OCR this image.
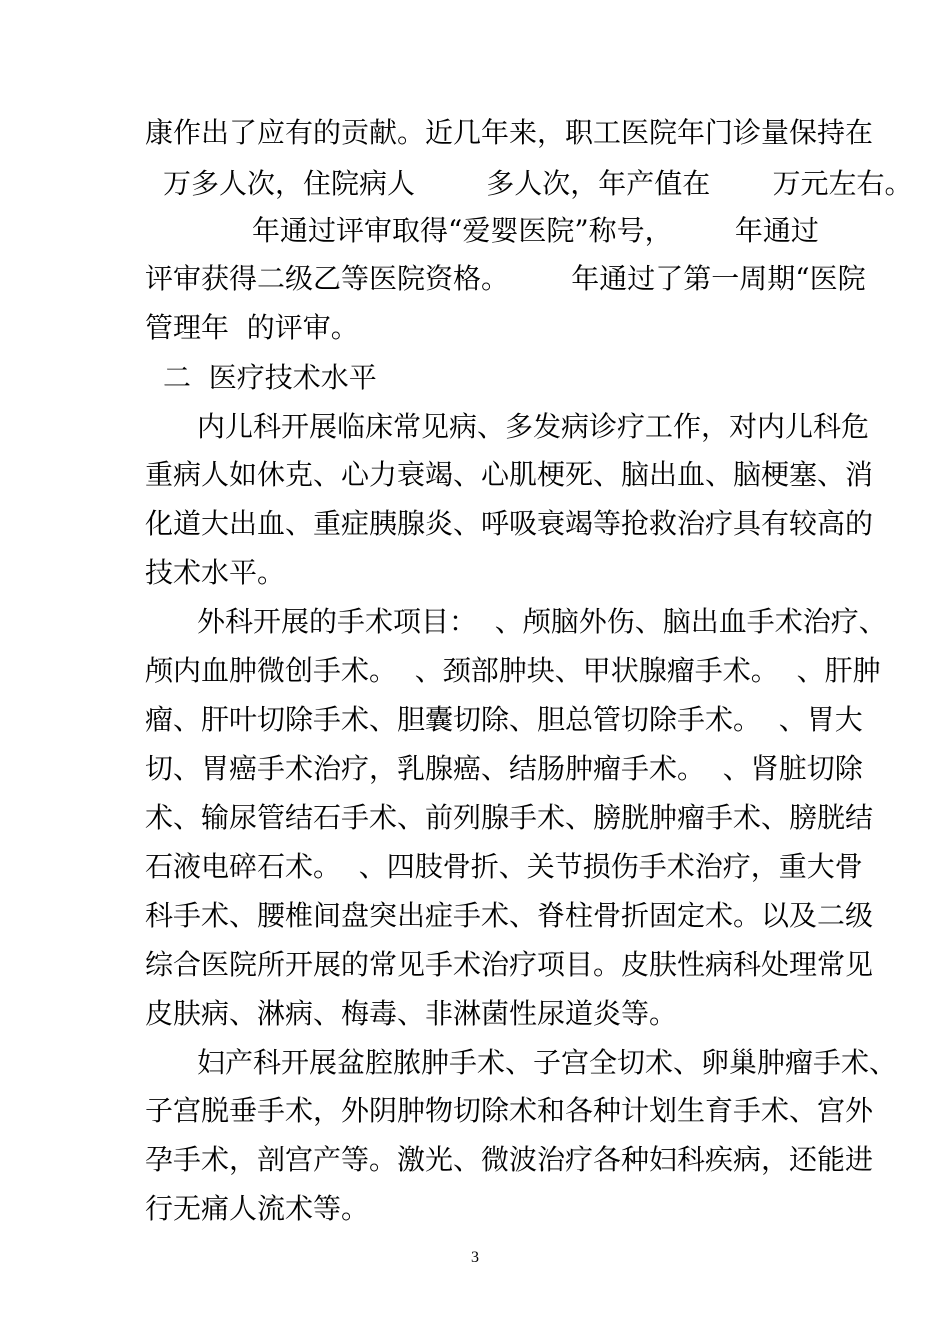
康作出了应有的贡献。近几年来，职工医院年门诊量保持在
万多人次，住院病人        多人次，年产值在       万元左右。
年通过评审取得“爱婴医院”称号，       年通过
评审获得二级乙等医院资格。       年通过了第一周期“医院
管理年  的评审。
二  医疗技术水平
内儿科开展临床常见病、多发病诊疗工作，对内儿科危
重病人如休克、心力衰竭、心肌梗死、脑出血、脑梗塞、消
化道大出血、重症胰腺炎、呼吸衰竭等抢救治疗具有较高的
技术水平。
外科开展的手术项目：  、颅脑外伤、脑出血手术治疗、
颅内血肿微创手术。  、颈部肿块、甲状腺瘤手术。  、肝肿
瘤、肝叶切除手术、胆囊切除、胆总管切除手术。  、胃大
切、胃癌手术治疗，乳腺癌、结肠肿瘤手术。  、肾脏切除
术、输尿管结石手术、前列腺手术、膀胱肿瘤手术、膀胱结
石液电碎石术。  、四肢骨折、关节损伤手术治疗，重大骨
科手术、腰椎间盘突出症手术、脊柱骨折固定术。以及二级
综合医院所开展的常见手术治疗项目。皮肤性病科处理常见
皮肤病、淋病、梅毒、非淋菌性尿道炎等。
妇产科开展盆腔脓肿手术、子宫全切术、卵巢肿瘤手术、
子宫脱垂手术，外阴肿物切除术和各种计划生育手术、宫外
孕手术，剖宫产等。激光、微波治疗各种妇科疾病，还能进
行无痛人流术等。
3
